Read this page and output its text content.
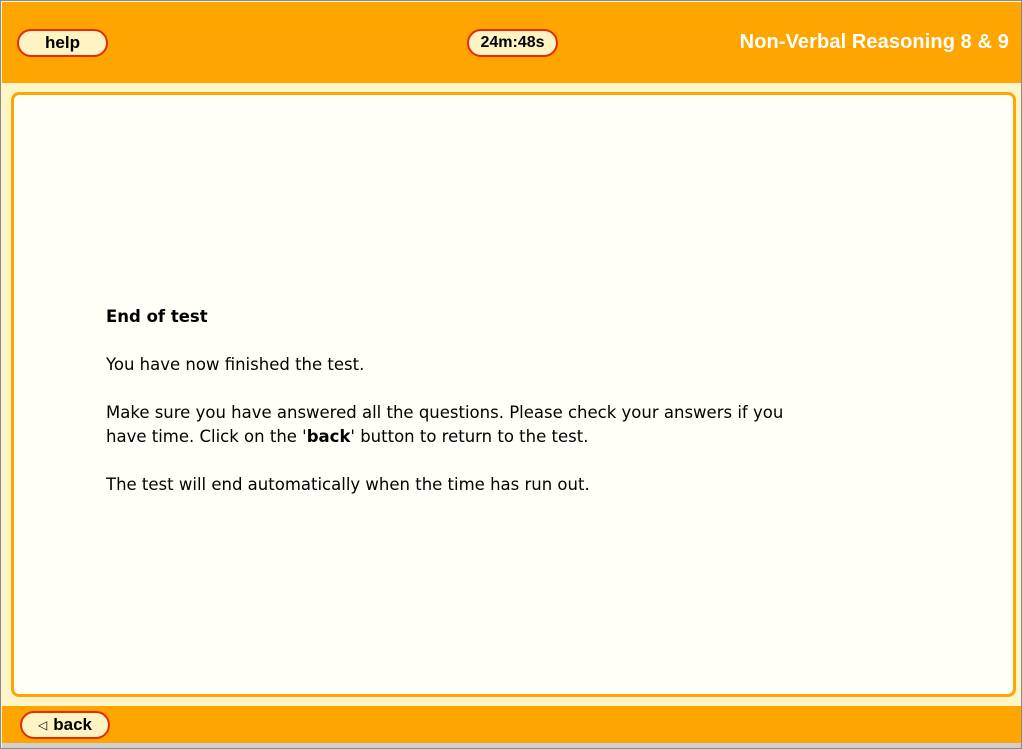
help	24m:48s	Non-Verbal Reasoning 8 & 9

End of test

You have now finished the test.

Make sure you have answered all the questions. Please check your answers if you have time. Click on the 'back' button to return to the test.

The test will end automatically when the time has run out.

◁ back
